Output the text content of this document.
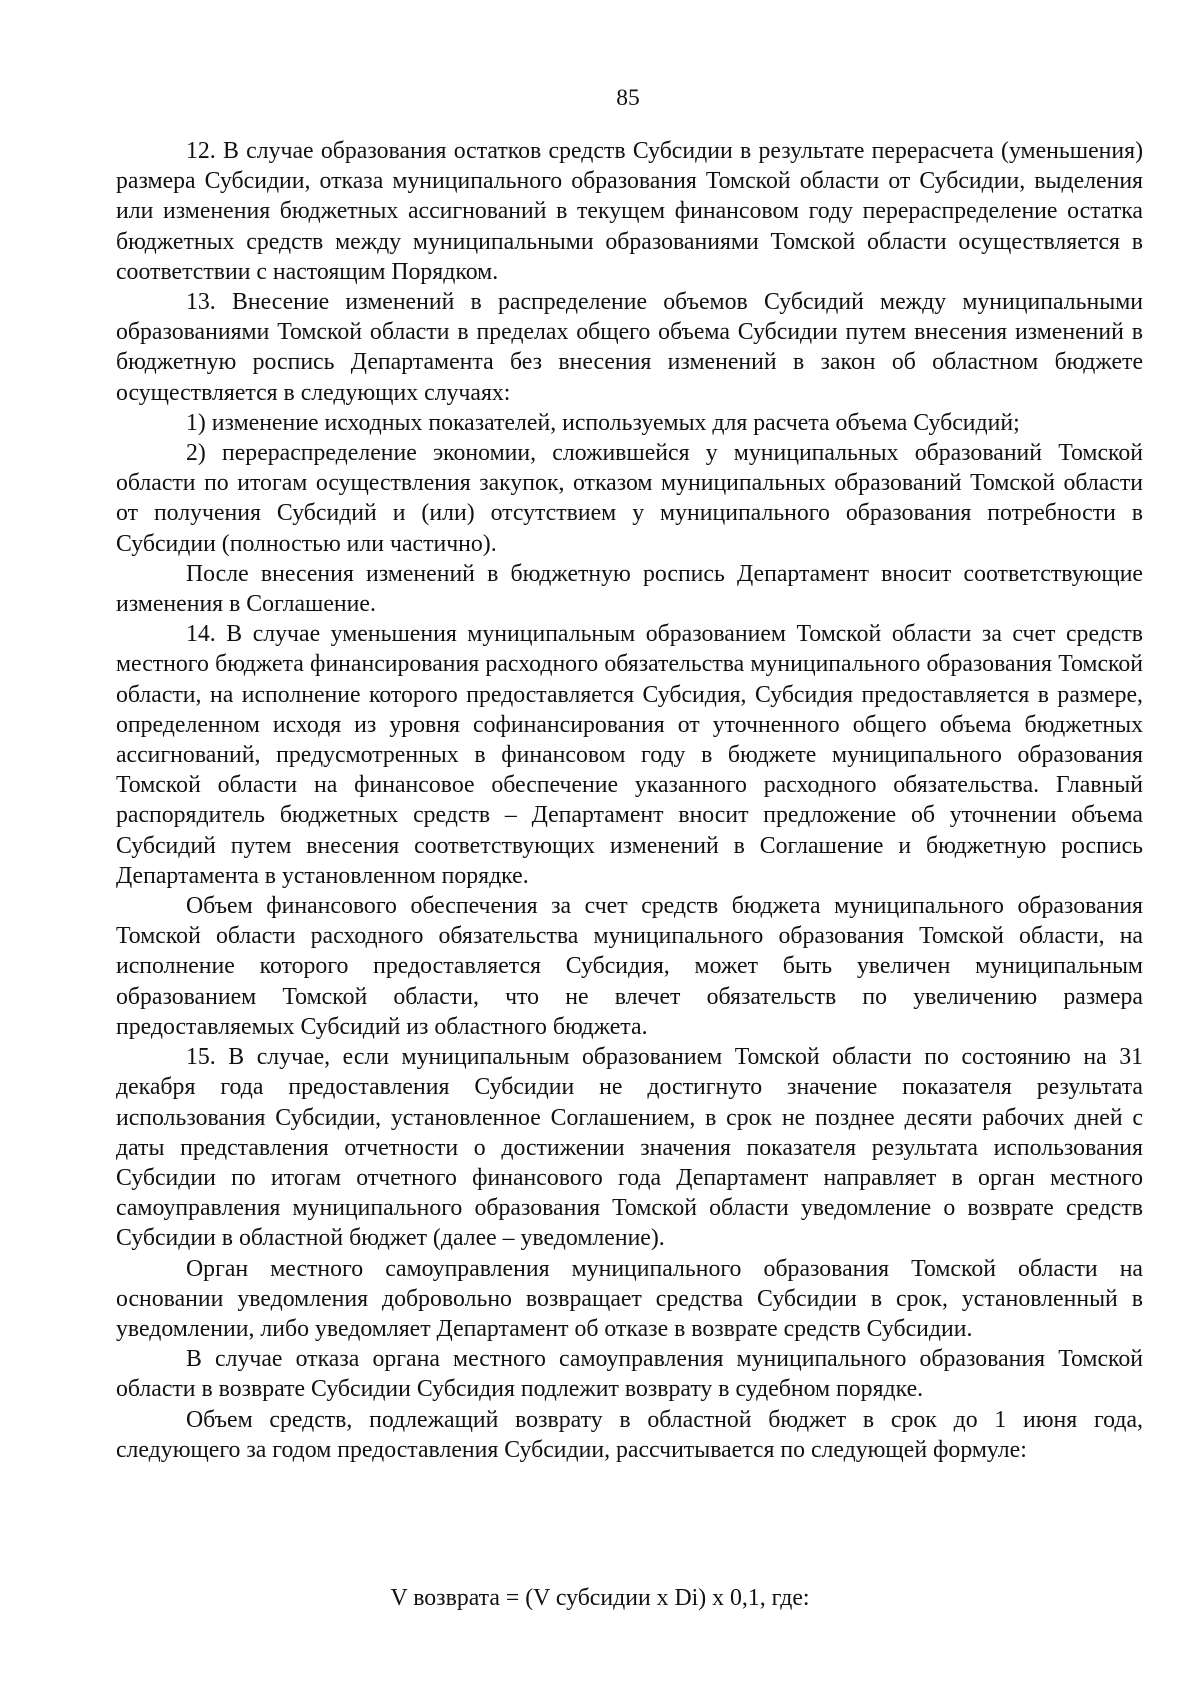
85

12. В случае образования остатков средств Субсидии в результате перерасчета (уменьшения) размера Субсидии, отказа муниципального образования Томской области от Субсидии, выделения или изменения бюджетных ассигнований в текущем финансовом году перераспределение остатка бюджетных средств между муниципальными образованиями Томской области осуществляется в соответствии с настоящим Порядком.

13. Внесение изменений в распределение объемов Субсидий между муниципальными образованиями Томской области в пределах общего объема Субсидии путем внесения изменений в бюджетную роспись Департамента без внесения изменений в закон об областном бюджете осуществляется в следующих случаях:

1) изменение исходных показателей, используемых для расчета объема Субсидий;

2) перераспределение экономии, сложившейся у муниципальных образований Томской области по итогам осуществления закупок, отказом муниципальных образований Томской области от получения Субсидий и (или) отсутствием у муниципального образования потребности в Субсидии (полностью или частично).

После внесения изменений в бюджетную роспись Департамент вносит соответствующие изменения в Соглашение.

14. В случае уменьшения муниципальным образованием Томской области за счет средств местного бюджета финансирования расходного обязательства муниципального образования Томской области, на исполнение которого предоставляется Субсидия, Субсидия предоставляется в размере, определенном исходя из уровня софинансирования от уточненного общего объема бюджетных ассигнований, предусмотренных в финансовом году в бюджете муниципального образования Томской области на финансовое обеспечение указанного расходного обязательства. Главный распорядитель бюджетных средств – Департамент вносит предложение об уточнении объема Субсидий путем внесения соответствующих изменений в Соглашение и бюджетную роспись Департамента в установленном порядке.

Объем финансового обеспечения за счет средств бюджета муниципального образования Томской области расходного обязательства муниципального образования Томской области, на исполнение которого предоставляется Субсидия, может быть увеличен муниципальным образованием Томской области, что не влечет обязательств по увеличению размера предоставляемых Субсидий из областного бюджета.

15. В случае, если муниципальным образованием Томской области по состоянию на 31 декабря года предоставления Субсидии не достигнуто значение показателя результата использования Субсидии, установленное Соглашением, в срок не позднее десяти рабочих дней с даты представления отчетности о достижении значения показателя результата использования Субсидии по итогам отчетного финансового года Департамент направляет в орган местного самоуправления муниципального образования Томской области уведомление о возврате средств Субсидии в областной бюджет (далее – уведомление).

Орган местного самоуправления муниципального образования Томской области на основании уведомления добровольно возвращает средства Субсидии в срок, установленный в уведомлении, либо уведомляет Департамент об отказе в возврате средств Субсидии.

В случае отказа органа местного самоуправления муниципального образования Томской области в возврате Субсидии Субсидия подлежит возврату в судебном порядке.

Объем средств, подлежащий возврату в областной бюджет в срок до 1 июня года, следующего за годом предоставления Субсидии, рассчитывается по следующей формуле:

V возврата = (V субсидии x Di) x 0,1, где:
